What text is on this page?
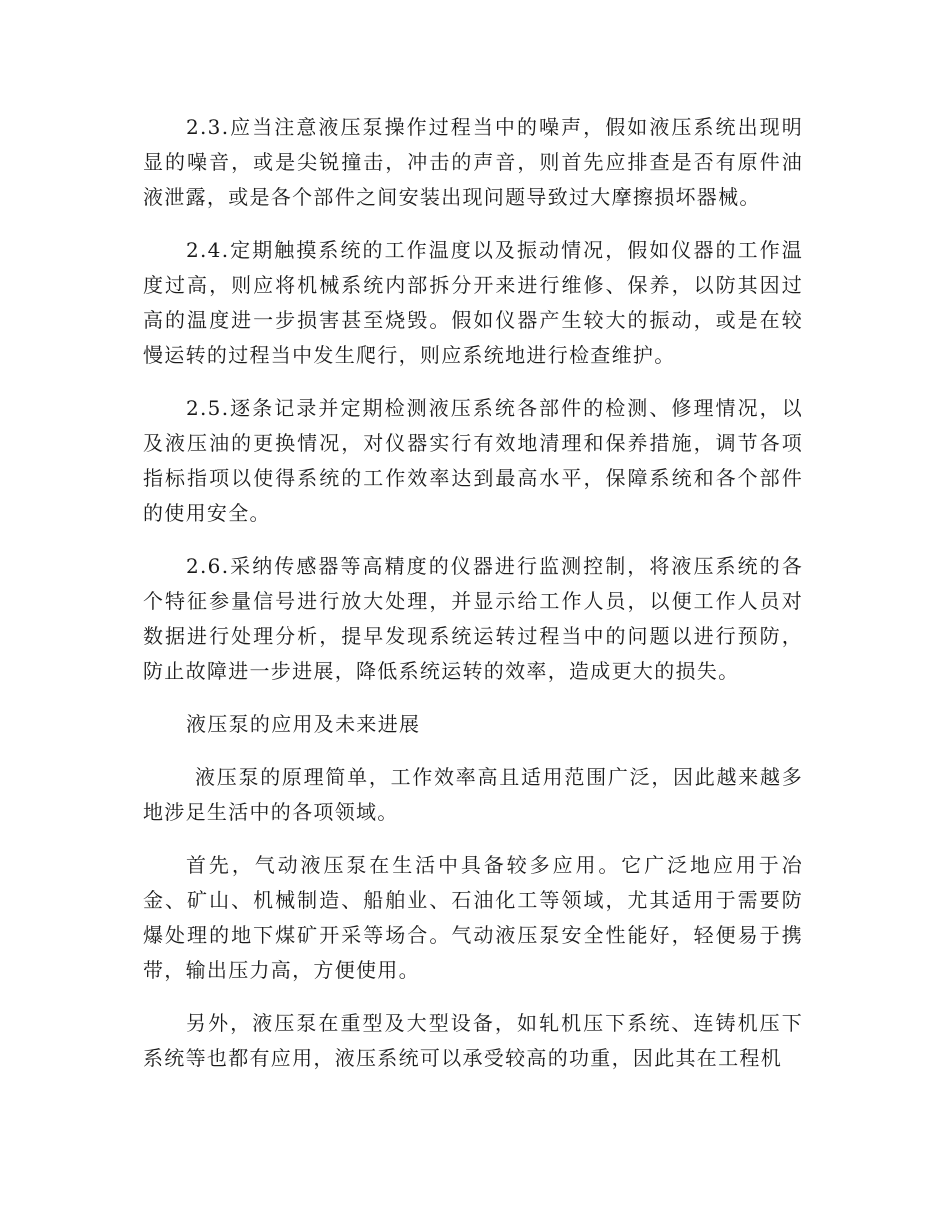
2.3.应当注意液压泵操作过程当中的噪声，假如液压系统出现明显的噪音，或是尖锐撞击，冲击的声音，则首先应排查是否有原件油液泄露，或是各个部件之间安装出现问题导致过大摩擦损坏器械。

2.4.定期触摸系统的工作温度以及振动情况，假如仪器的工作温度过高，则应将机械系统内部拆分开来进行维修、保养，以防其因过高的温度进一步损害甚至烧毁。假如仪器产生较大的振动，或是在较慢运转的过程当中发生爬行，则应系统地进行检查维护。

2.5.逐条记录并定期检测液压系统各部件的检测、修理情况，以及液压油的更换情况，对仪器实行有效地清理和保养措施，调节各项指标指项以使得系统的工作效率达到最高水平，保障系统和各个部件的使用安全。

2.6.采纳传感器等高精度的仪器进行监测控制，将液压系统的各个特征参量信号进行放大处理，并显示给工作人员，以便工作人员对数据进行处理分析，提早发现系统运转过程当中的问题以进行预防，防止故障进一步进展，降低系统运转的效率，造成更大的损失。

液压泵的应用及未来进展

液压泵的原理简单，工作效率高且适用范围广泛，因此越来越多地涉足生活中的各项领域。

首先，气动液压泵在生活中具备较多应用。它广泛地应用于冶金、矿山、机械制造、船舶业、石油化工等领域，尤其适用于需要防爆处理的地下煤矿开采等场合。气动液压泵安全性能好，轻便易于携带，输出压力高，方便使用。

另外，液压泵在重型及大型设备，如轧机压下系统、连铸机压下系统等也都有应用，液压系统可以承受较高的功重，因此其在工程机
